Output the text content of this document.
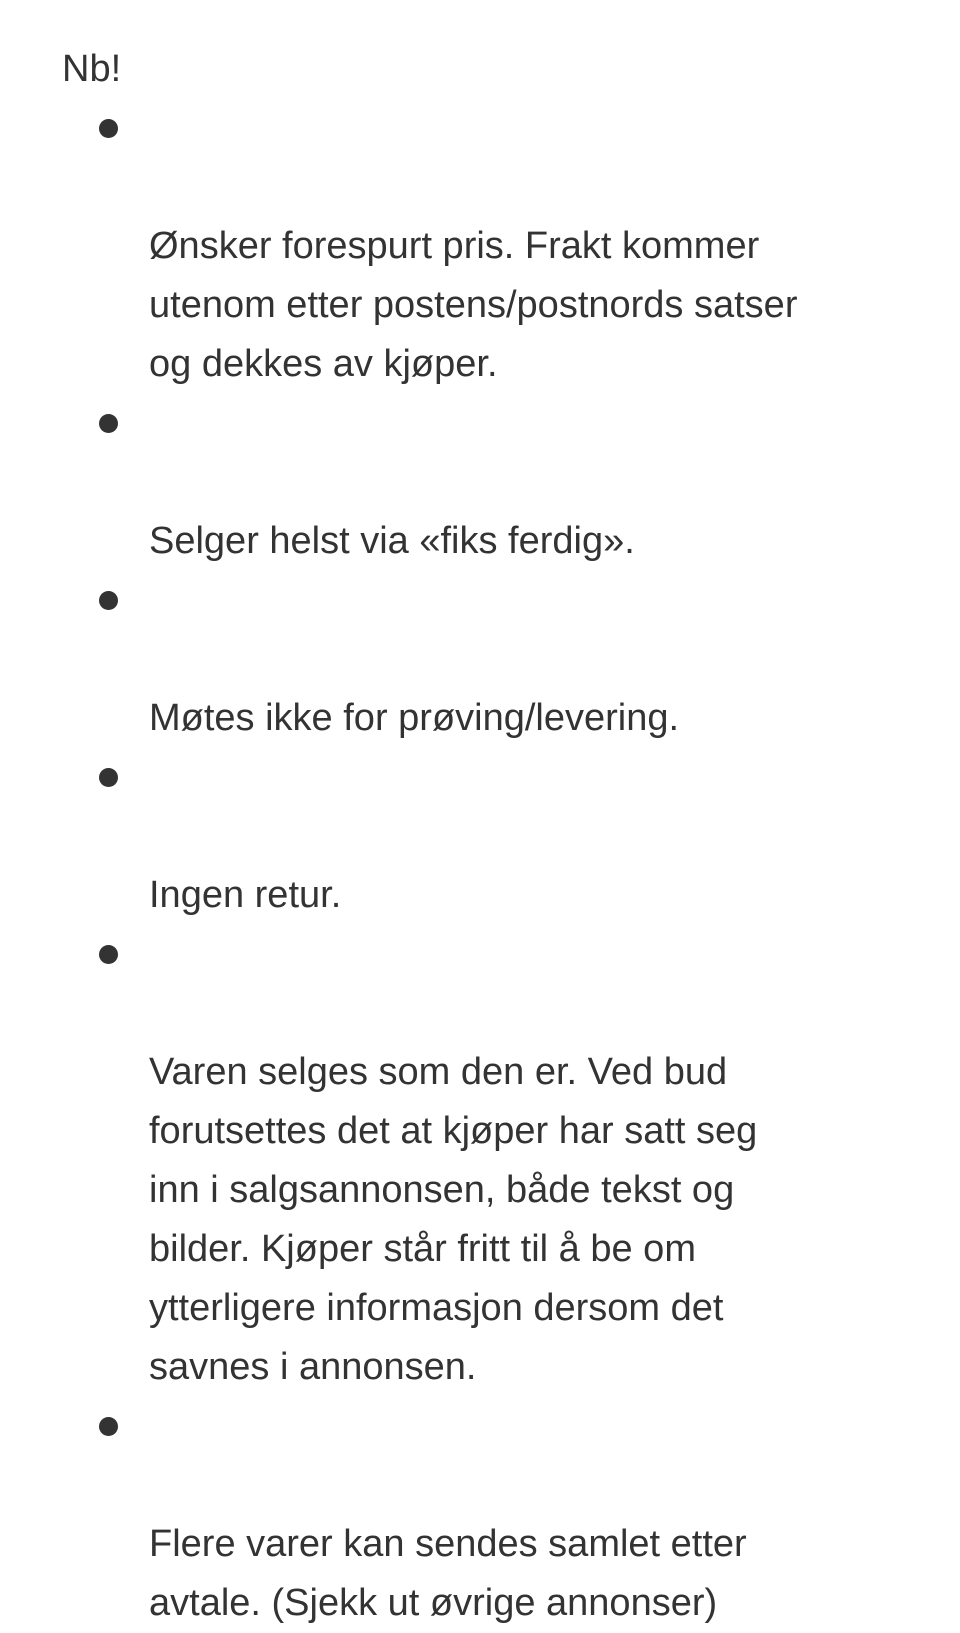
Nb!

Ønsker forespurt pris. Frakt kommer
utenom etter postens/postnords satser
og dekkes av kjøper.

Selger helst via «fiks ferdig».

Møtes ikke for prøving/levering.

Ingen retur.

Varen selges som den er. Ved bud
forutsettes det at kjøper har satt seg
inn i salgsannonsen, både tekst og
bilder. Kjøper står fritt til å be om
ytterligere informasjon dersom det
savnes i annonsen.

Flere varer kan sendes samlet etter
avtale. (Sjekk ut øvrige annonser)
